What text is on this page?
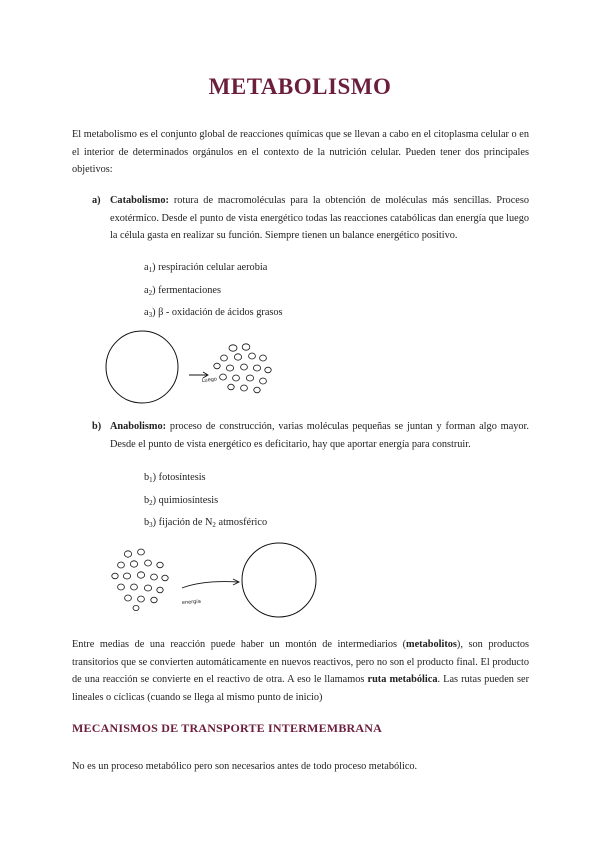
METABOLISMO

El metabolismo es el conjunto global de reacciones químicas que se llevan a cabo en el citoplasma celular o en el interior de determinados orgánulos en el contexto de la nutrición celular. Pueden tener dos principales objetivos:

a) Catabolismo: rotura de macromoléculas para la obtención de moléculas más sencillas. Proceso exotérmico. Desde el punto de vista energético todas las reacciones catabólicas dan energía que luego la célula gasta en realizar su función. Siempre tienen un balance energético positivo.
$a_1$) respiración celular aerobia
$a_2$) fermentaciones
$a_3$) β - oxidación de ácidos grasos
Luego
b) Anabolismo: proceso de construcción, varias moléculas pequeñas se juntan y forman algo mayor. Desde el punto de vista energético es deficitario, hay que aportar energía para construir.
$b_1$) fotosíntesis
$b_2$) quimiosíntesis
$b_3$) fijación de $N_2$ atmosférico
energía

Entre medias de una reacción puede haber un montón de intermediarios (metabolitos), son productos transitorios que se convierten automáticamente en nuevos reactivos, pero no son el producto final. El producto de una reacción se convierte en el reactivo de otra. A eso le llamamos ruta metabólica. Las rutas pueden ser lineales o cíclicas (cuando se llega al mismo punto de inicio)

MECANISMOS DE TRANSPORTE INTERMEMBRANA

No es un proceso metabólico pero son necesarios antes de todo proceso metabólico.
